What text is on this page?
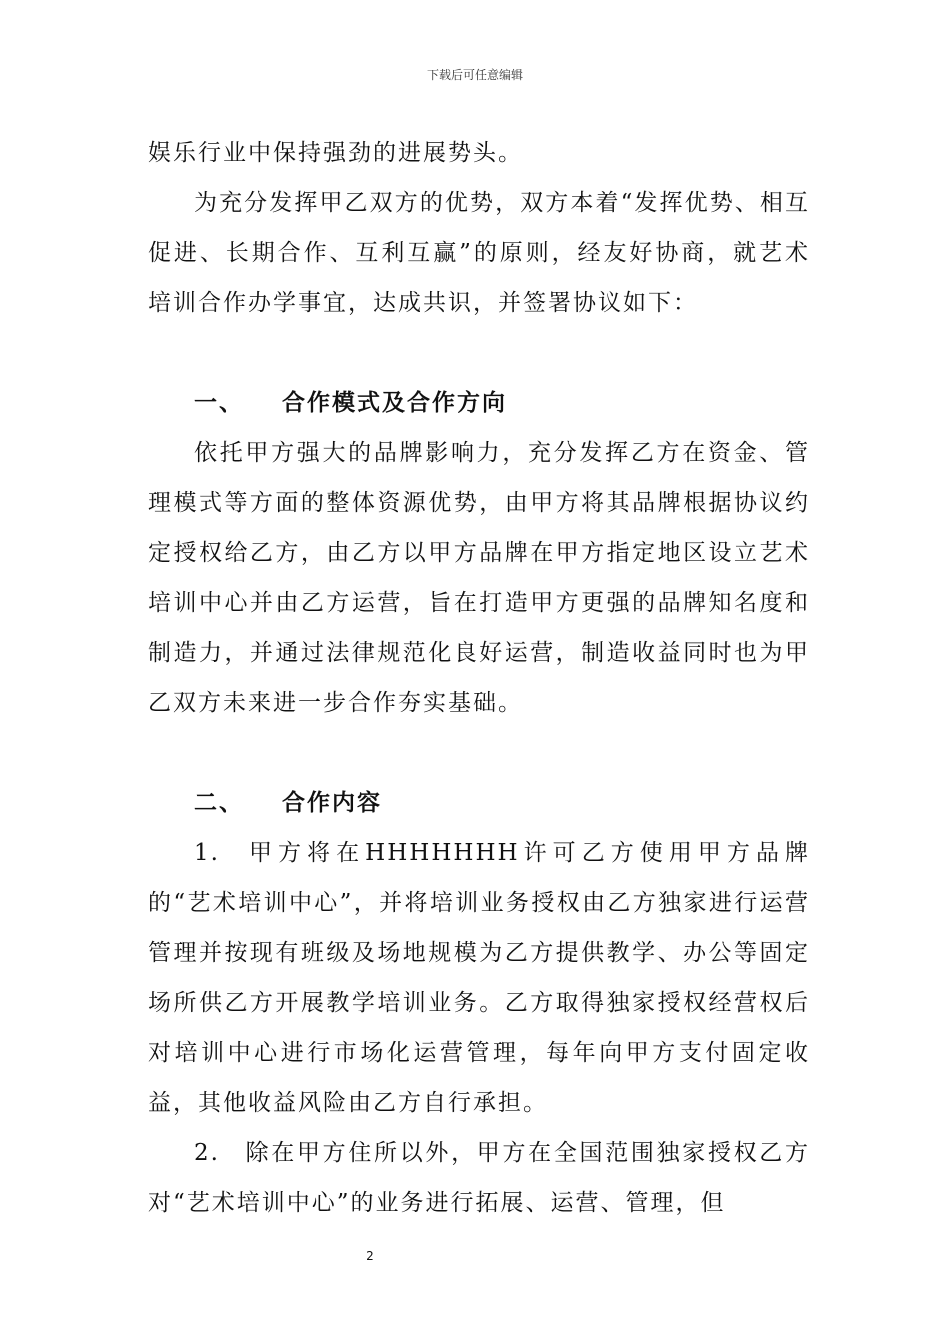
下载后可任意编辑

娱乐行业中保持强劲的进展势头。

为充分发挥甲乙双方的优势，双方本着“发挥优势、相互促进、长期合作、互利互赢”的原则，经友好协商，就艺术培训合作办学事宜，达成共识，并签署协议如下：

一、 合作模式及合作方向

依托甲方强大的品牌影响力，充分发挥乙方在资金、管理模式等方面的整体资源优势，由甲方将其品牌根据协议约定授权给乙方，由乙方以甲方品牌在甲方指定地区设立艺术培训中心并由乙方运营，旨在打造甲方更强的品牌知名度和制造力，并通过法律规范化良好运营，制造收益同时也为甲乙双方未来进一步合作夯实基础。

二、 合作内容

1. 甲方将在HHHHHHH许可乙方使用甲方品牌的“艺术培训中心”，并将培训业务授权由乙方独家进行运营管理并按现有班级及场地规模为乙方提供教学、办公等固定场所供乙方开展教学培训业务。乙方取得独家授权经营权后对培训中心进行市场化运营管理，每年向甲方支付固定收益，其他收益风险由乙方自行承担。

2. 除在甲方住所以外，甲方在全国范围独家授权乙方对“艺术培训中心”的业务进行拓展、运营、管理，但

2
